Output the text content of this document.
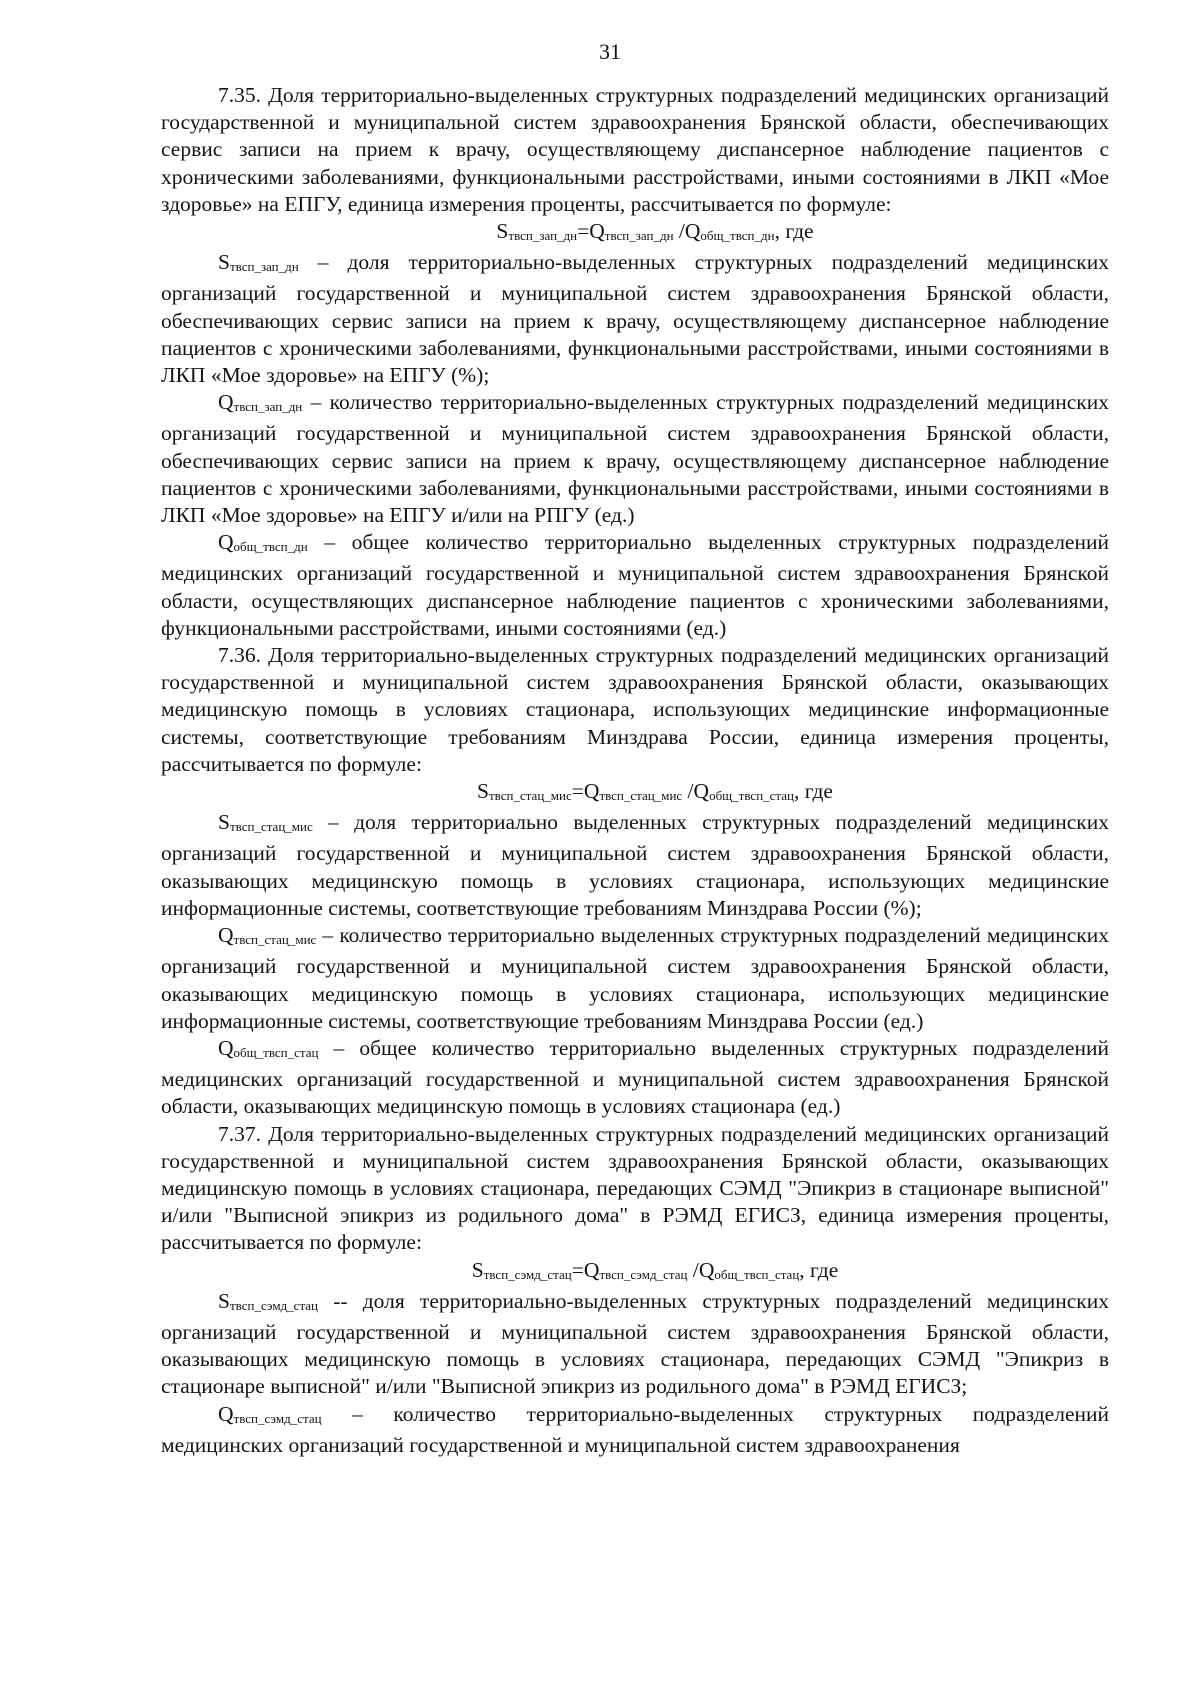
31

7.35. Доля территориально-выделенных структурных подразделений медицинских организаций государственной и муниципальной систем здравоохранения Брянской области, обеспечивающих сервис записи на прием к врачу, осуществляющему диспансерное наблюдение пациентов с хроническими заболеваниями, функциональными расстройствами, иными состояниями в ЛКП «Мое здоровье» на ЕПГУ, единица измерения проценты, рассчитывается по формуле:

Sтвсп_зап_дн=Qтвсп_зап_дн /Qобщ_твсп_дн, где

Sтвсп_зап_дн – доля территориально-выделенных структурных подразделений медицинских организаций государственной и муниципальной систем здравоохранения Брянской области, обеспечивающих сервис записи на прием к врачу, осуществляющему диспансерное наблюдение пациентов с хроническими заболеваниями, функциональными расстройствами, иными состояниями в ЛКП «Мое здоровье» на ЕПГУ (%);

Qтвсп_зап_дн – количество территориально-выделенных структурных подразделений медицинских организаций государственной и муниципальной систем здравоохранения Брянской области, обеспечивающих сервис записи на прием к врачу, осуществляющему диспансерное наблюдение пациентов с хроническими заболеваниями, функциональными расстройствами, иными состояниями в ЛКП «Мое здоровье» на ЕПГУ и/или на РПГУ (ед.)

Qобщ_твсп_дн – общее количество территориально выделенных структурных подразделений медицинских организаций государственной и муниципальной систем здравоохранения Брянской области, осуществляющих диспансерное наблюдение пациентов с хроническими заболеваниями, функциональными расстройствами, иными состояниями (ед.)

7.36. Доля территориально-выделенных структурных подразделений медицинских организаций государственной и муниципальной систем здравоохранения Брянской области, оказывающих медицинскую помощь в условиях стационара, использующих медицинские информационные системы, соответствующие требованиям Минздрава России, единица измерения проценты, рассчитывается по формуле:

Sтвсп_стац_мис=Qтвсп_стац_мис /Qобщ_твсп_стац, где

Sтвсп_стац_мис – доля территориально выделенных структурных подразделений медицинских организаций государственной и муниципальной систем здравоохранения Брянской области, оказывающих медицинскую помощь в условиях стационара, использующих медицинские информационные системы, соответствующие требованиям Минздрава России (%);

Qтвсп_стац_мис – количество территориально выделенных структурных подразделений медицинских организаций государственной и муниципальной систем здравоохранения Брянской области, оказывающих медицинскую помощь в условиях стационара, использующих медицинские информационные системы, соответствующие требованиям Минздрава России (ед.)

Qобщ_твсп_стац – общее количество территориально выделенных структурных подразделений медицинских организаций государственной и муниципальной систем здравоохранения Брянской области, оказывающих медицинскую помощь в условиях стационара (ед.)

7.37. Доля территориально-выделенных структурных подразделений медицинских организаций государственной и муниципальной систем здравоохранения Брянской области, оказывающих медицинскую помощь в условиях стационара, передающих СЭМД "Эпикриз в стационаре выписной" и/или "Выписной эпикриз из родильного дома" в РЭМД ЕГИСЗ, единица измерения проценты, рассчитывается по формуле:

Sтвсп_сэмд_стац=Qтвсп_сэмд_стац /Qобщ_твсп_стац, где

Sтвсп_сэмд_стац -- доля территориально-выделенных структурных подразделений медицинских организаций государственной и муниципальной систем здравоохранения Брянской области, оказывающих медицинскую помощь в условиях стационара, передающих СЭМД "Эпикриз в стационаре выписной" и/или "Выписной эпикриз из родильного дома" в РЭМД ЕГИСЗ;

Qтвсп_сэмд_стац – количество территориально-выделенных структурных подразделений медицинских организаций государственной и муниципальной систем здравоохранения
